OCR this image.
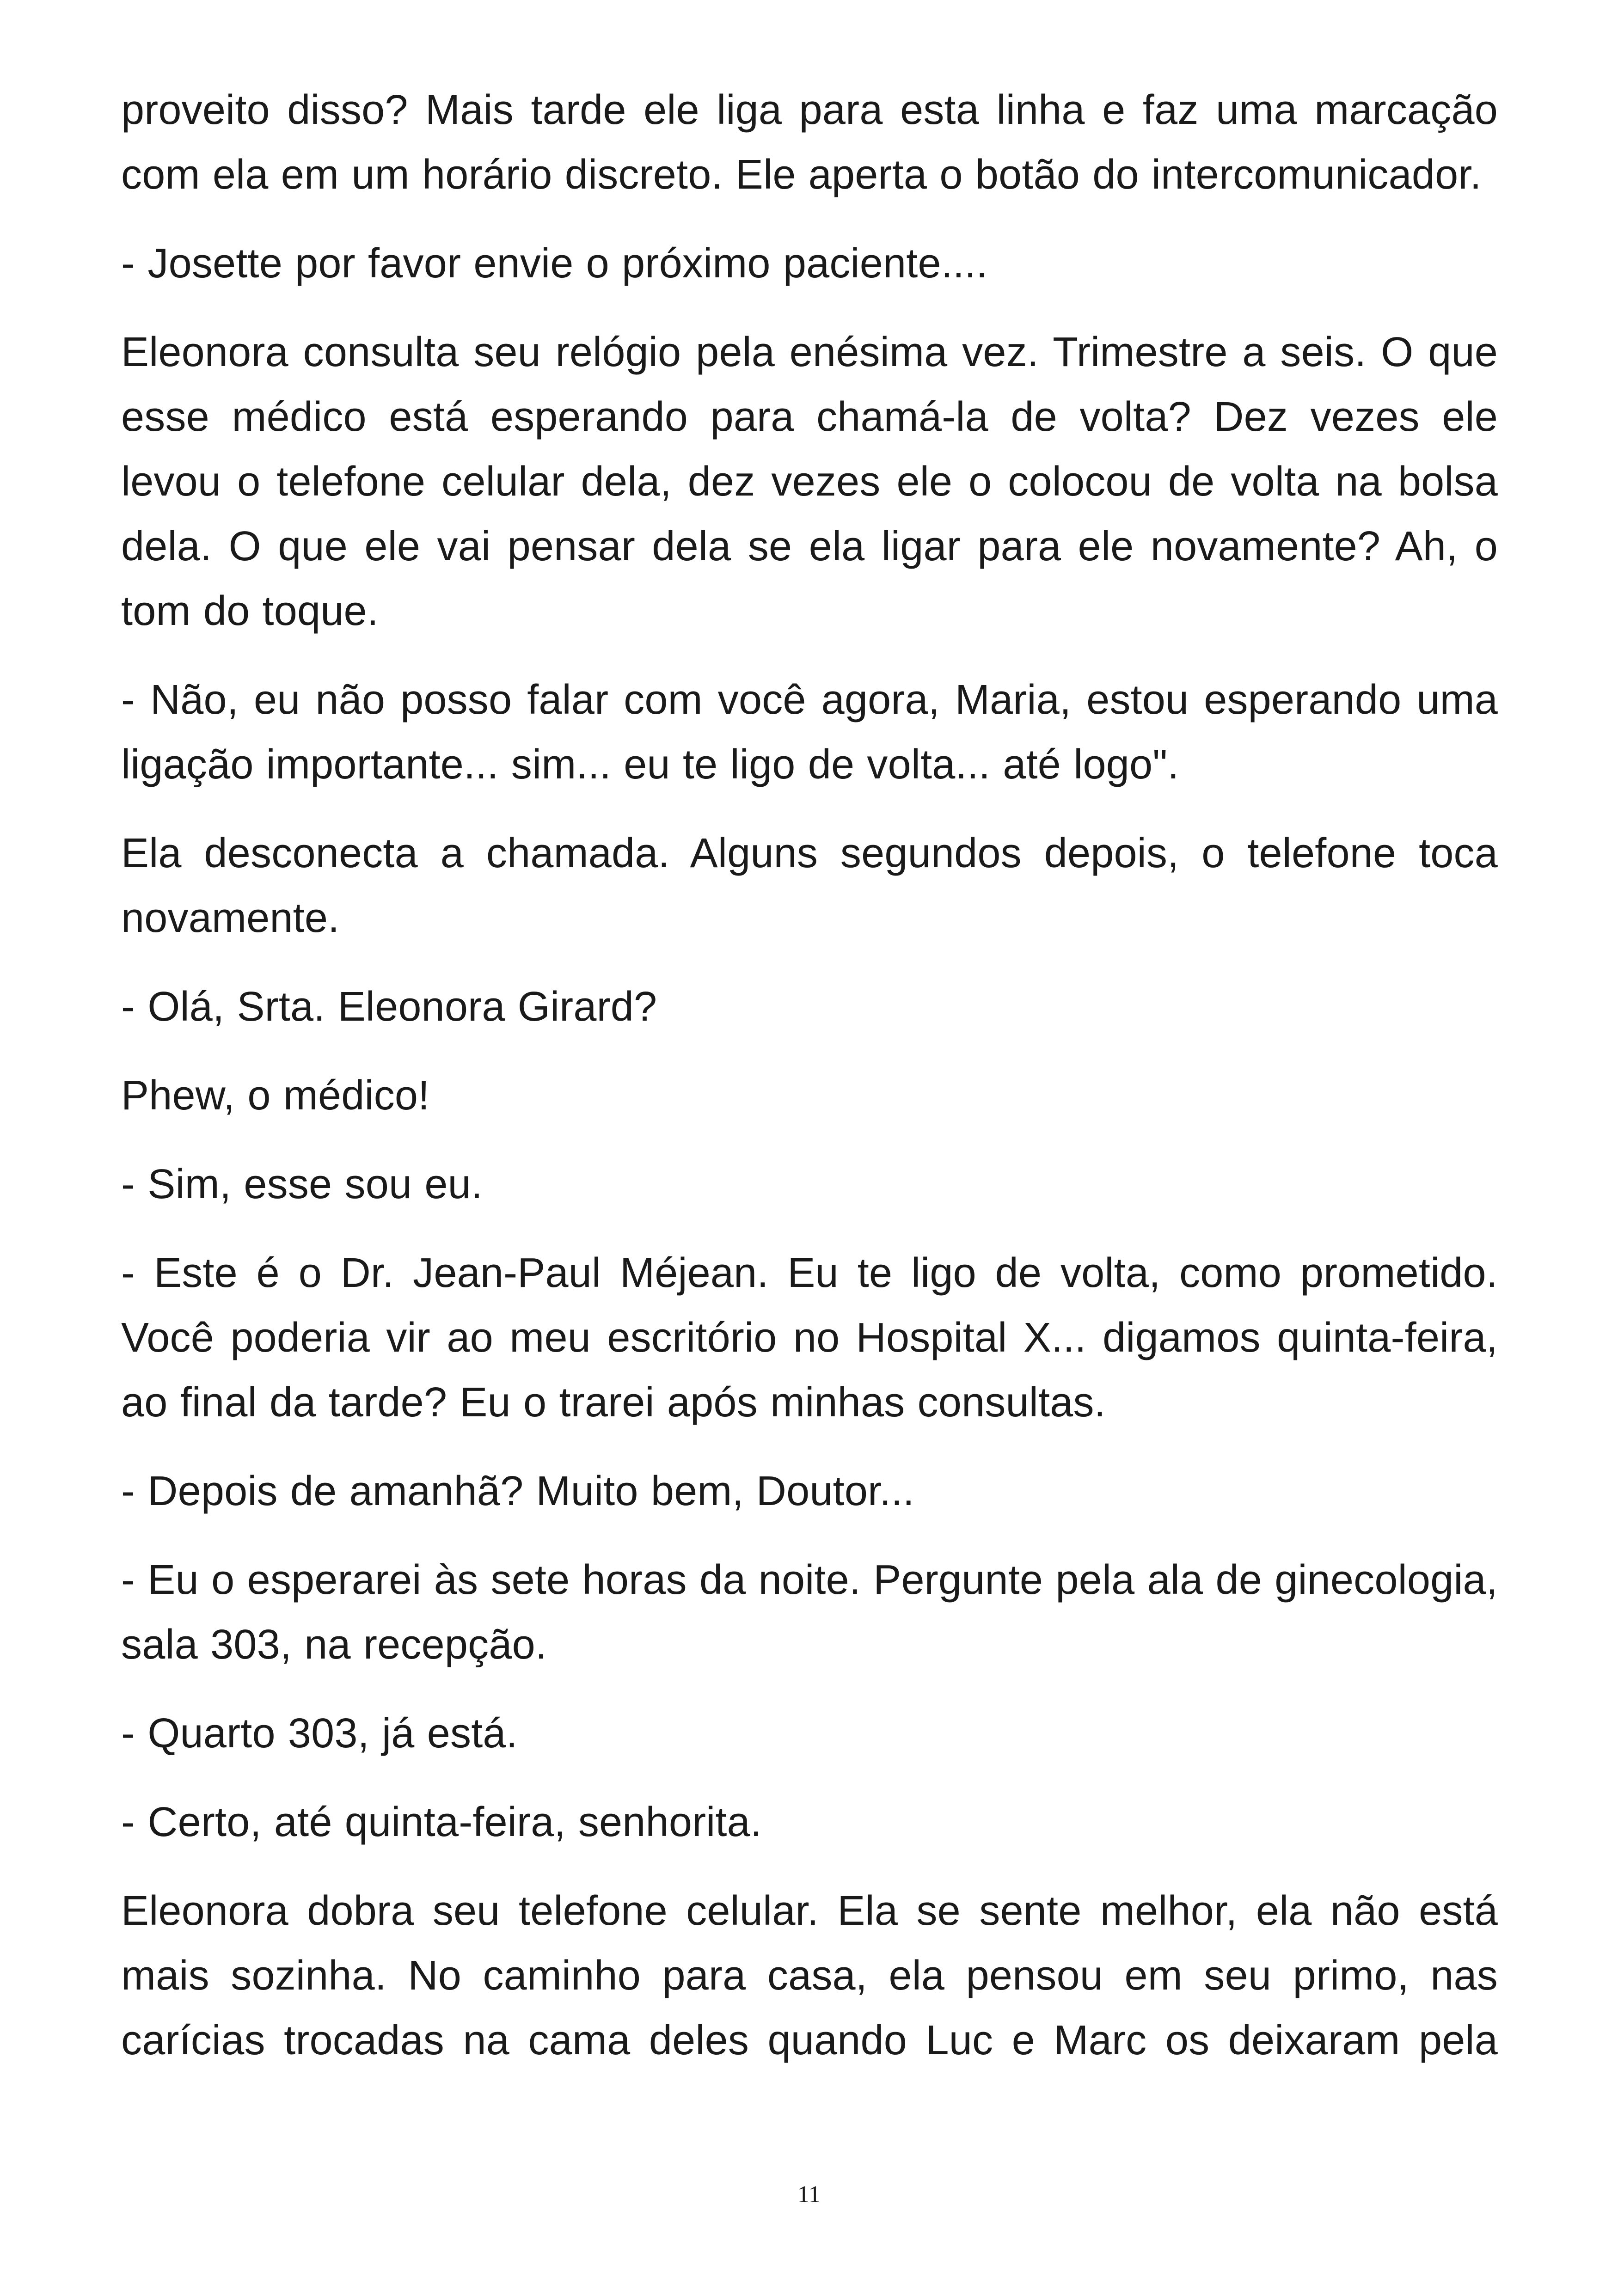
proveito disso? Mais tarde ele liga para esta linha e faz uma marcação com ela em um horário discreto. Ele aperta o botão do intercomunicador.

- Josette por favor envie o próximo paciente....

Eleonora consulta seu relógio pela enésima vez. Trimestre a seis. O que esse médico está esperando para chamá-la de volta? Dez vezes ele levou o telefone celular dela, dez vezes ele o colocou de volta na bolsa dela. O que ele vai pensar dela se ela ligar para ele novamente? Ah, o tom do toque.

- Não, eu não posso falar com você agora, Maria, estou esperando uma ligação importante... sim... eu te ligo de volta... até logo".

Ela desconecta a chamada. Alguns segundos depois, o telefone toca novamente.

- Olá, Srta. Eleonora Girard?

Phew, o médico!

- Sim, esse sou eu.

- Este é o Dr. Jean-Paul Méjean. Eu te ligo de volta, como prometido. Você poderia vir ao meu escritório no Hospital X... digamos quinta-feira, ao final da tarde? Eu o trarei após minhas consultas.

- Depois de amanhã? Muito bem, Doutor...

- Eu o esperarei às sete horas da noite. Pergunte pela ala de ginecologia, sala 303, na recepção.

- Quarto 303, já está.

- Certo, até quinta-feira, senhorita.

Eleonora dobra seu telefone celular. Ela se sente melhor, ela não está mais sozinha. No caminho para casa, ela pensou em seu primo, nas carícias trocadas na cama deles quando Luc e Marc os deixaram pela

11
